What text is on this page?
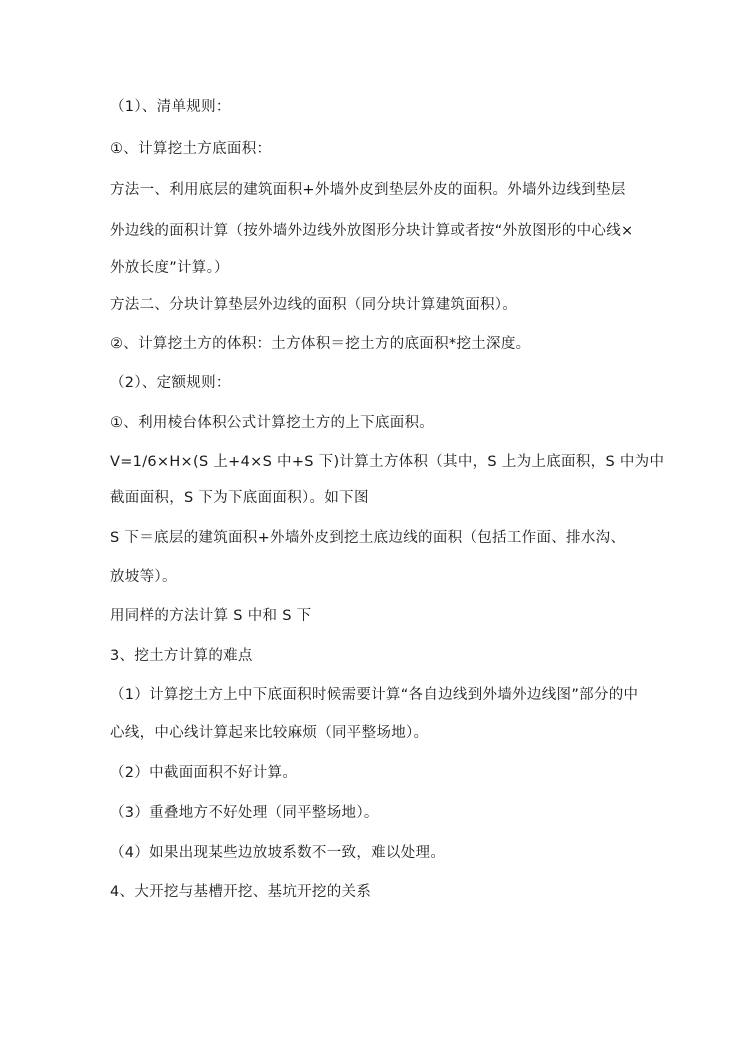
（1）、清单规则：
①、计算挖土方底面积：
方法一、利用底层的建筑面积+外墙外皮到垫层外皮的面积。外墙外边线到垫层
外边线的面积计算（按外墙外边线外放图形分块计算或者按“外放图形的中心线×
外放长度”计算。）
方法二、分块计算垫层外边线的面积（同分块计算建筑面积）。
②、计算挖土方的体积：土方体积＝挖土方的底面积*挖土深度。
（2）、定额规则：
①、利用棱台体积公式计算挖土方的上下底面积。
V=1/6×H×(S 上+4×S 中+S 下)计算土方体积（其中，S 上为上底面积，S 中为中
截面面积，S 下为下底面面积）。如下图
S 下＝底层的建筑面积+外墙外皮到挖土底边线的面积（包括工作面、排水沟、
放坡等）。
用同样的方法计算 S 中和 S 下
3、挖土方计算的难点
（1）计算挖土方上中下底面积时候需要计算“各自边线到外墙外边线图”部分的中
心线，中心线计算起来比较麻烦（同平整场地）。
（2）中截面面积不好计算。
（3）重叠地方不好处理（同平整场地）。
（4）如果出现某些边放坡系数不一致，难以处理。
4、大开挖与基槽开挖、基坑开挖的关系
